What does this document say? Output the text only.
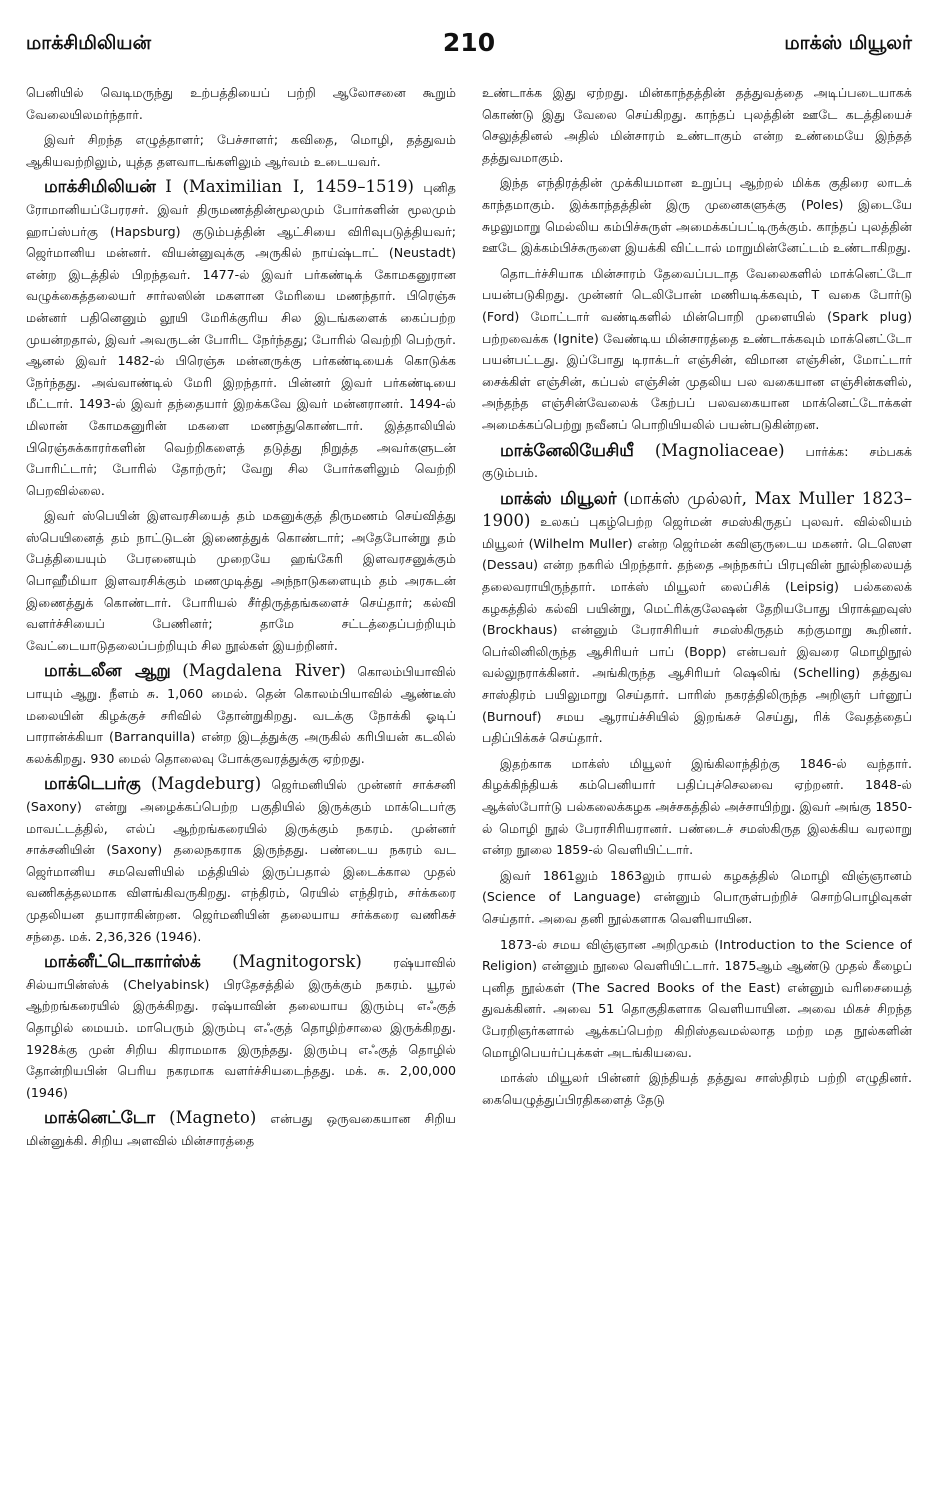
மாக்சிமிலியன்	210	மாக்ஸ் மியூலர்

பெனியில் வெடிமருந்து உற்பத்தியைப் பற்றி ஆலோசனை கூறும் வேலையிலமர்ந்தார்.

இவர் சிறந்த எழுத்தாளர்; பேச்சாளர்; கவிதை, மொழி, தத்துவம் ஆகியவற்றிலும், யுத்த தளவாடங்களிலும் ஆர்வம் உடையவர்.

மாக்சிமிலியன் I (Maximilian I, 1459–1519) புனித ரோமானியப்பேரரசர். இவர் திருமணத்தின்மூலமும் போர்களின் மூலமும் ஹாப்ஸ்பர்கு (Hapsburg) குடும்பத்தின் ஆட்சியை விரிவுபடுத்தியவர்; ஜெர்மானிய மன்னர். வியன்னுவுக்கு அருகில் நாய்ஷ்டாட் (Neustadt) என்ற இடத்தில் பிறந்தவர். 1477-ல் இவர் பர்கண்டிக் கோமகனுரான வழுக்கைத்தலையர் சார்லஸின் மகளான மேரியை மணந்தார். பிரெஞ்சு மன்னர் பதினெனும் லூயி மேரிக்குரிய சில இடங்களைக் கைப்பற்ற முயன்றதால், இவர் அவருடன் போரிட நேர்ந்தது; போரில் வெற்றி பெற்ருர். ஆனல் இவர் 1482-ல் பிரெஞ்சு மன்னருக்கு பர்கண்டியைக் கொடுக்க நேர்ந்தது. அவ்வாண்டில் மேரி இறந்தார். பின்னர் இவர் பர்கண்டியை மீட்டார். 1493-ல் இவர் தந்தையார் இறக்கவே இவர் மன்னரானர். 1494-ல் மிலான் கோமகனுரின் மகளை மணந்துகொண்டார். இத்தாலியில் பிரெஞ்சுக்காரர்களின் வெற்றிகளைத் தடுத்து நிறுத்த அவர்களுடன் போரிட்டார்; போரில் தோற்ருர்; வேறு சில போர்களிலும் வெற்றி பெறவில்லை.

இவர் ஸ்பெயின் இளவரசியைத் தம் மகனுக்குத் திருமணம் செய்வித்து ஸ்பெயினைத் தம் நாட்டுடன் இணைத்துக் கொண்டார்; அதேபோன்று தம் பேத்தியையும் பேரனையும் முறையே ஹங்கேரி இளவரசனுக்கும் பொஹீமியா இளவரசிக்கும் மணமுடித்து அந்நாடுகளையும் தம் அரசுடன் இணைத்துக் கொண்டார். போரியல் சீர்திருத்தங்களைச் செய்தார்; கல்வி வளர்ச்சியைப் பேணினர்; தாமே சட்டத்தைப்பற்றியும் வேட்டையாடுதலைப்பற்றியும் சில நூல்கள் இயற்றினர்.

மாக்டலீன ஆறு (Magdalena River) கொலம்பியாவில் பாயும் ஆறு. நீளம் சு. 1,060 மைல். தென் கொலம்பியாவில் ஆண்டீஸ் மலையின் கிழக்குச் சரிவில் தோன்றுகிறது. வடக்கு நோக்கி ஓடிப் பாரான்க்கியா (Barranquilla) என்ற இடத்துக்கு அருகில் கரிபியன் கடலில் கலக்கிறது. 930 மைல் தொலைவு போக்குவரத்துக்கு ஏற்றது.

மாக்டெபர்கு (Magdeburg) ஜெர்மனியில் முன்னர் சாக்சனி (Saxony) என்று அழைக்கப்பெற்ற பகுதியில் இருக்கும் மாக்டெபர்கு மாவட்டத்தில், எல்ப் ஆற்றங்கரையில் இருக்கும் நகரம். முன்னர் சாக்சனியின் (Saxony) தலைநகராக இருந்தது. பண்டைய நகரம் வட ஜெர்மானிய சமவெளியில் மத்தியில் இருப்பதால் இடைக்கால முதல் வணிகத்தலமாக விளங்கிவருகிறது. எந்திரம், ரெயில் எந்திரம், சர்க்கரை முதலியன தயாராகின்றன. ஜெர்மனியின் தலையாய சர்க்கரை வணிகச் சந்தை. மக். 2,36,326 (1946).

மாக்னீட்டொகார்ஸ்க் (Magnitogorsk) ரஷ்யாவில் சில்யாபின்ஸ்க் (Chelyabinsk) பிரதேசத்தில் இருக்கும் நகரம். யூரல் ஆற்றங்கரையில் இருக்கிறது. ரஷ்யாவின் தலையாய இரும்பு எஃகுத் தொழில் மையம். மாபெரும் இரும்பு எஃகுத் தொழிற்சாலை இருக்கிறது. 1928க்கு முன் சிறிய கிராமமாக இருந்தது. இரும்பு எஃகுத் தொழில் தோன்றியபின் பெரிய நகரமாக வளர்ச்சியடைந்தது. மக். சு. 2,00,000 (1946)

மாக்னெட்டோ (Magneto) என்பது ஒருவகையான சிறிய மின்னுக்கி. சிறிய அளவில் மின்சாரத்தை

உண்டாக்க இது ஏற்றது. மின்காந்தத்தின் தத்துவத்தை அடிப்படையாகக் கொண்டு இது வேலை செய்கிறது. காந்தப் புலத்தின் ஊடே கடத்தியைச் செலுத்தினல் அதில் மின்சாரம் உண்டாகும் என்ற உண்மையே இந்தத் தத்துவமாகும்.

இந்த எந்திரத்தின் முக்கியமான உறுப்பு ஆற்றல் மிக்க குதிரை லாடக் காந்தமாகும். இக்காந்தத்தின் இரு முனைகளுக்கு (Poles) இடையே சுழலுமாறு மெல்லிய கம்பிச்சுருள் அமைக்கப்பட்டிருக்கும். காந்தப் புலத்தின் ஊடே இக்கம்பிச்சுருளை இயக்கி விட்டால் மாறுமின்னேட்டம் உண்டாகிறது.

தொடர்ச்சியாக மின்சாரம் தேவைப்படாத வேலைகளில் மாக்னெட்டோ பயன்படுகிறது. முன்னர் டெலிபோன் மணியடிக்கவும், T வகை போர்டு (Ford) மோட்டார் வண்டிகளில் மின்பொறி முளையில் (Spark plug) பற்றவைக்க (Ignite) வேண்டிய மின்சாரத்தை உண்டாக்கவும் மாக்னெட்டோ பயன்பட்டது. இப்போது டிராக்டர் எஞ்சின், விமான எஞ்சின், மோட்டார் சைக்கிள் எஞ்சின், கப்பல் எஞ்சின் முதலிய பல வகையான எஞ்சின்களில், அந்தந்த எஞ்சின்வேலைக் கேற்பப் பலவகையான மாக்னெட்டோக்கள் அமைக்கப்பெற்று நவீனப் பொறியியலில் பயன்படுகின்றன.

மாக்னேலியேசியீ (Magnoliaceae) பார்க்க: சம்பகக் குடும்பம்.

மாக்ஸ் மியூலர் (மாக்ஸ் முல்லர், Max Muller 1823–1900) உலகப் புகழ்பெற்ற ஜெர்மன் சமஸ்கிருதப் புலவர். வில்லியம் மியூலர் (Wilhelm Muller) என்ற ஜெர்மன் கவிஞருடைய மகனர். டெஸௌ (Dessau) என்ற நகரில் பிறந்தார். தந்தை அந்நகர்ப் பிரபுவின் நூல்நிலையத் தலைவராயிருந்தார். மாக்ஸ் மியூலர் லைப்சிக் (Leipsig) பல்கலைக் கழகத்தில் கல்வி பயின்று, மெட்ரிக்குலேஷன் தேறியபோது பிராக்ஹவுஸ் (Brockhaus) என்னும் பேராசிரியர் சமஸ்கிருதம் கற்குமாறு கூறினர். பெர்லினிலிருந்த ஆசிரியர் பாப் (Bopp) என்பவர் இவரை மொழிநூல் வல்லுநராக்கினர். அங்கிருந்த ஆசிரியர் ஷெலிங் (Schelling) தத்துவ சாஸ்திரம் பயிலுமாறு செய்தார். பாரிஸ் நகரத்திலிருந்த அறிஞர் பர்னூப் (Burnouf) சமய ஆராய்ச்சியில் இறங்கச் செய்து, ரிக் வேதத்தைப் பதிப்பிக்கச் செய்தார்.

இதற்காக மாக்ஸ் மியூலர் இங்கிலாந்திற்கு 1846-ல் வந்தார். கிழக்கிந்தியக் கம்பெனியார் பதிப்புச்செலவை ஏற்றனர். 1848-ல் ஆக்ஸ்போர்டு பல்கலைக்கழக அச்சகத்தில் அச்சாயிற்று. இவர் அங்கு 1850-ல் மொழி நூல் பேராசிரியரானர். பண்டைச் சமஸ்கிருத இலக்கிய வரலாறு என்ற நூலை 1859-ல் வெளியிட்டார்.

இவர் 1861லும் 1863லும் ராயல் கழகத்தில் மொழி விஞ்ஞானம் (Science of Language) என்னும் பொருள்பற்றிச் சொற்பொழிவுகள் செய்தார். அவை தனி நூல்களாக வெளியாயின.

1873-ல் சமய விஞ்ஞான அறிமுகம் (Introduction to the Science of Religion) என்னும் நூலை வெளியிட்டார். 1875ஆம் ஆண்டு முதல் கீழைப் புனித நூல்கள் (The Sacred Books of the East) என்னும் வரிசையைத் துவக்கினர். அவை 51 தொகுதிகளாக வெளியாயின. அவை மிகச் சிறந்த பேரறிஞர்களால் ஆக்கப்பெற்ற கிறிஸ்தவமல்லாத மற்ற மத நூல்களின் மொழிபெயர்ப்புக்கள் அடங்கியவை.

மாக்ஸ் மியூலர் பின்னர் இந்தியத் தத்துவ சாஸ்திரம் பற்றி எழுதினர். கையெழுத்துப்பிரதிகளைத் தேடு
